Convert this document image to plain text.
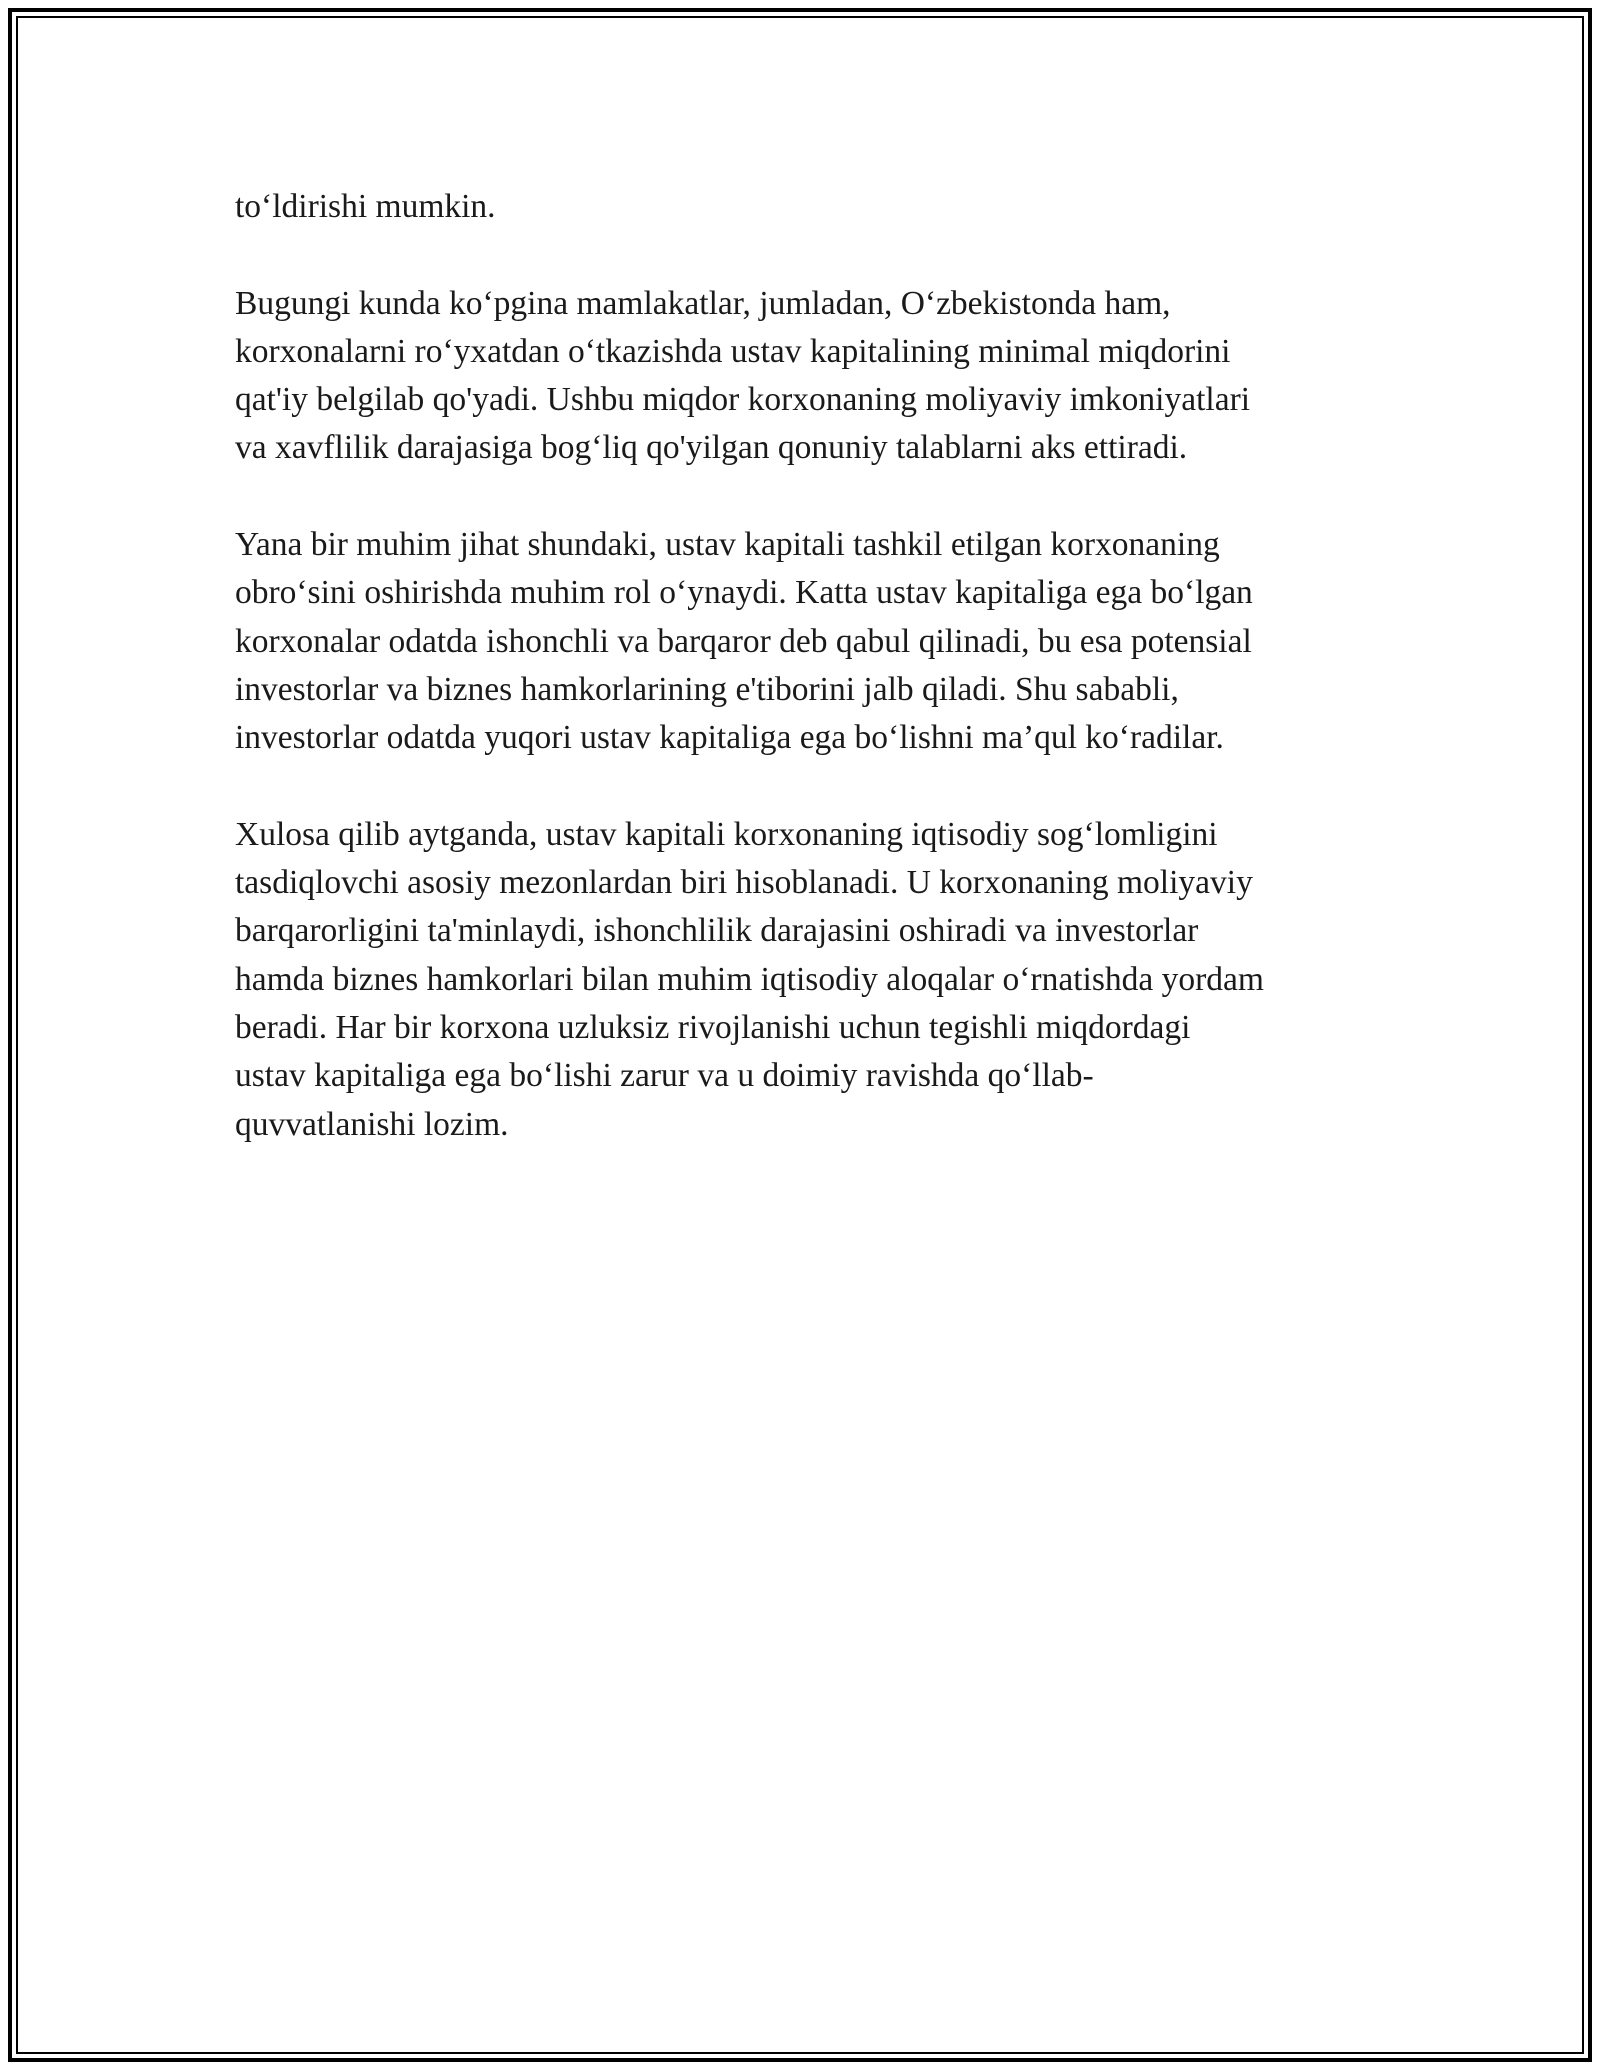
to‘ldirishi mumkin.

Bugungi kunda ko‘pgina mamlakatlar, jumladan, O‘zbekistonda ham,
korxonalarni ro‘yxatdan o‘tkazishda ustav kapitalining minimal miqdorini
qat'iy belgilab qo'yadi. Ushbu miqdor korxonaning moliyaviy imkoniyatlari
va xavflilik darajasiga bog‘liq qo'yilgan qonuniy talablarni aks ettiradi.

Yana bir muhim jihat shundaki, ustav kapitali tashkil etilgan korxonaning
obro‘sini oshirishda muhim rol o‘ynaydi. Katta ustav kapitaliga ega bo‘lgan
korxonalar odatda ishonchli va barqaror deb qabul qilinadi, bu esa potensial
investorlar va biznes hamkorlarining e'tiborini jalb qiladi. Shu sababli,
investorlar odatda yuqori ustav kapitaliga ega bo‘lishni ma’qul ko‘radilar.

Xulosa qilib aytganda, ustav kapitali korxonaning iqtisodiy sog‘lomligini
tasdiqlovchi asosiy mezonlardan biri hisoblanadi. U korxonaning moliyaviy
barqarorligini ta'minlaydi, ishonchlilik darajasini oshiradi va investorlar
hamda biznes hamkorlari bilan muhim iqtisodiy aloqalar o‘rnatishda yordam
beradi. Har bir korxona uzluksiz rivojlanishi uchun tegishli miqdordagi
ustav kapitaliga ega bo‘lishi zarur va u doimiy ravishda qo‘llab-
quvvatlanishi lozim.
